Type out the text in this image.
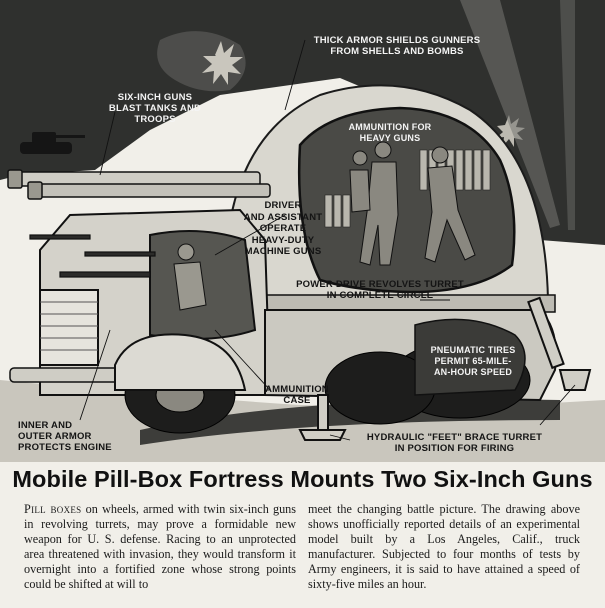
THICK ARMOR SHIELDS GUNNERS
FROM SHELLS AND BOMBS
SIX-INCH GUNS
BLAST TANKS AND TROOPS
AMMUNITION FOR
HEAVY GUNS
DRIVER
AND ASSISTANT
OPERATE
HEAVY-DUTY
MACHINE GUNS
POWER DRIVE REVOLVES TURRET
IN COMPLETE CIRCLE
PNEUMATIC TIRES
PERMIT 65-MILE-
AN-HOUR SPEED
AMMUNITION
CASE
INNER AND
OUTER ARMOR
PROTECTS ENGINE
HYDRAULIC "FEET" BRACE TURRET
IN POSITION FOR FIRING
Mobile Pill-Box Fortress Mounts Two Six-Inch Guns
Pill boxes on wheels, armed with twin six-inch guns in revolving turrets, may prove a formidable new weapon for U. S. defense. Racing to an unprotected area threatened with invasion, they would transform it overnight into a fortified zone whose strong points could be shifted at will to
meet the changing battle picture. The drawing above shows unofficially reported details of an experimental model built by a Los Angeles, Calif., truck manufacturer. Subjected to four months of tests by Army engineers, it is said to have attained a speed of sixty-five miles an hour.
